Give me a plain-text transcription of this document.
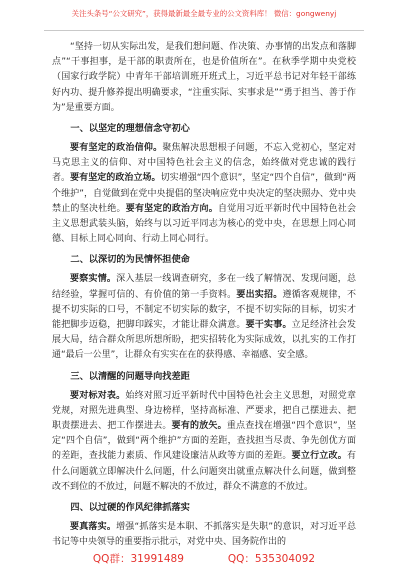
关注头条号“公文研究”，获得最新最全最专业的公文资料库！ 微信：gongwenyj

“坚持一切从实际出发，是我们想问题、作决策、办事情的出发点和落脚点”“干事担事，是干部的职责所在，也是价值所在”。在秋季学期中央党校（国家行政学院）中青年干部培训班开班式上，习近平总书记对年轻干部练好内功、提升修养提出明确要求，“注重实际、实事求是”“勇于担当、善于作为”是重要方面。

一、以坚定的理想信念守初心

要有坚定的政治信仰。聚焦解决思想根子问题，不忘入党初心，坚定对马克思主义的信仰、对中国特色社会主义的信念，始终做对党忠诚的践行者。要有坚定的政治立场。切实增强“四个意识”，坚定“四个自信”，做到“两个维护”，自觉做到在党中央提倡的坚决响应党中央决定的坚决照办、党中央禁止的坚决杜绝。要有坚定的政治方向。自觉用习近平新时代中国特色社会主义思想武装头脑，始终与以习近平同志为核心的党中央，在思想上同心同德、目标上同心同向、行动上同心同行。

二、以深切的为民情怀担使命

要察实情。深入基层一线调查研究，多在一线了解情况、发现问题，总结经验，掌握可信的、有价值的第一手资料。要出实招。遵循客观规律，不提不切实际的口号，不制定不切实际的数字，不提不切实际的目标，切实才能把脚步迈稳，把脚印踩实，才能让群众满意。要干实事。立足经济社会发展大局，结合群众所思所想所盼，把实招转化为实际成效，以扎实的工作打通“最后一公里”，让群众有实实在在的获得感、幸福感、安全感。

三、以清醒的问题导向找差距

要对标对表。始终对照习近平新时代中国特色社会主义思想，对照党章党规，对照先进典型、身边榜样，坚持高标准、严要求，把自己摆进去、把职责摆进去、把工作摆进去。要有的放矢。重点查找在增强“四个意识”，坚定“四个自信”，做到“两个维护”方面的差距，查找担当尽责、争先创优方面的差距，查找能力素质、作风建设廉洁从政等方面的差距。要立行立改。有什么问题就立即解决什么问题，什么问题突出就重点解决什么问题，做到整改不到位的不放过，问题不解决的不放过，群众不满意的不放过。

四、以过硬的作风纪律抓落实

要真落实。增强“抓落实是本职、不抓落实是失职”的意识，对习近平总书记等中央领导的重要指示批示，对党中央、国务院作出的

QQ群：31991489	QQ：535304092
